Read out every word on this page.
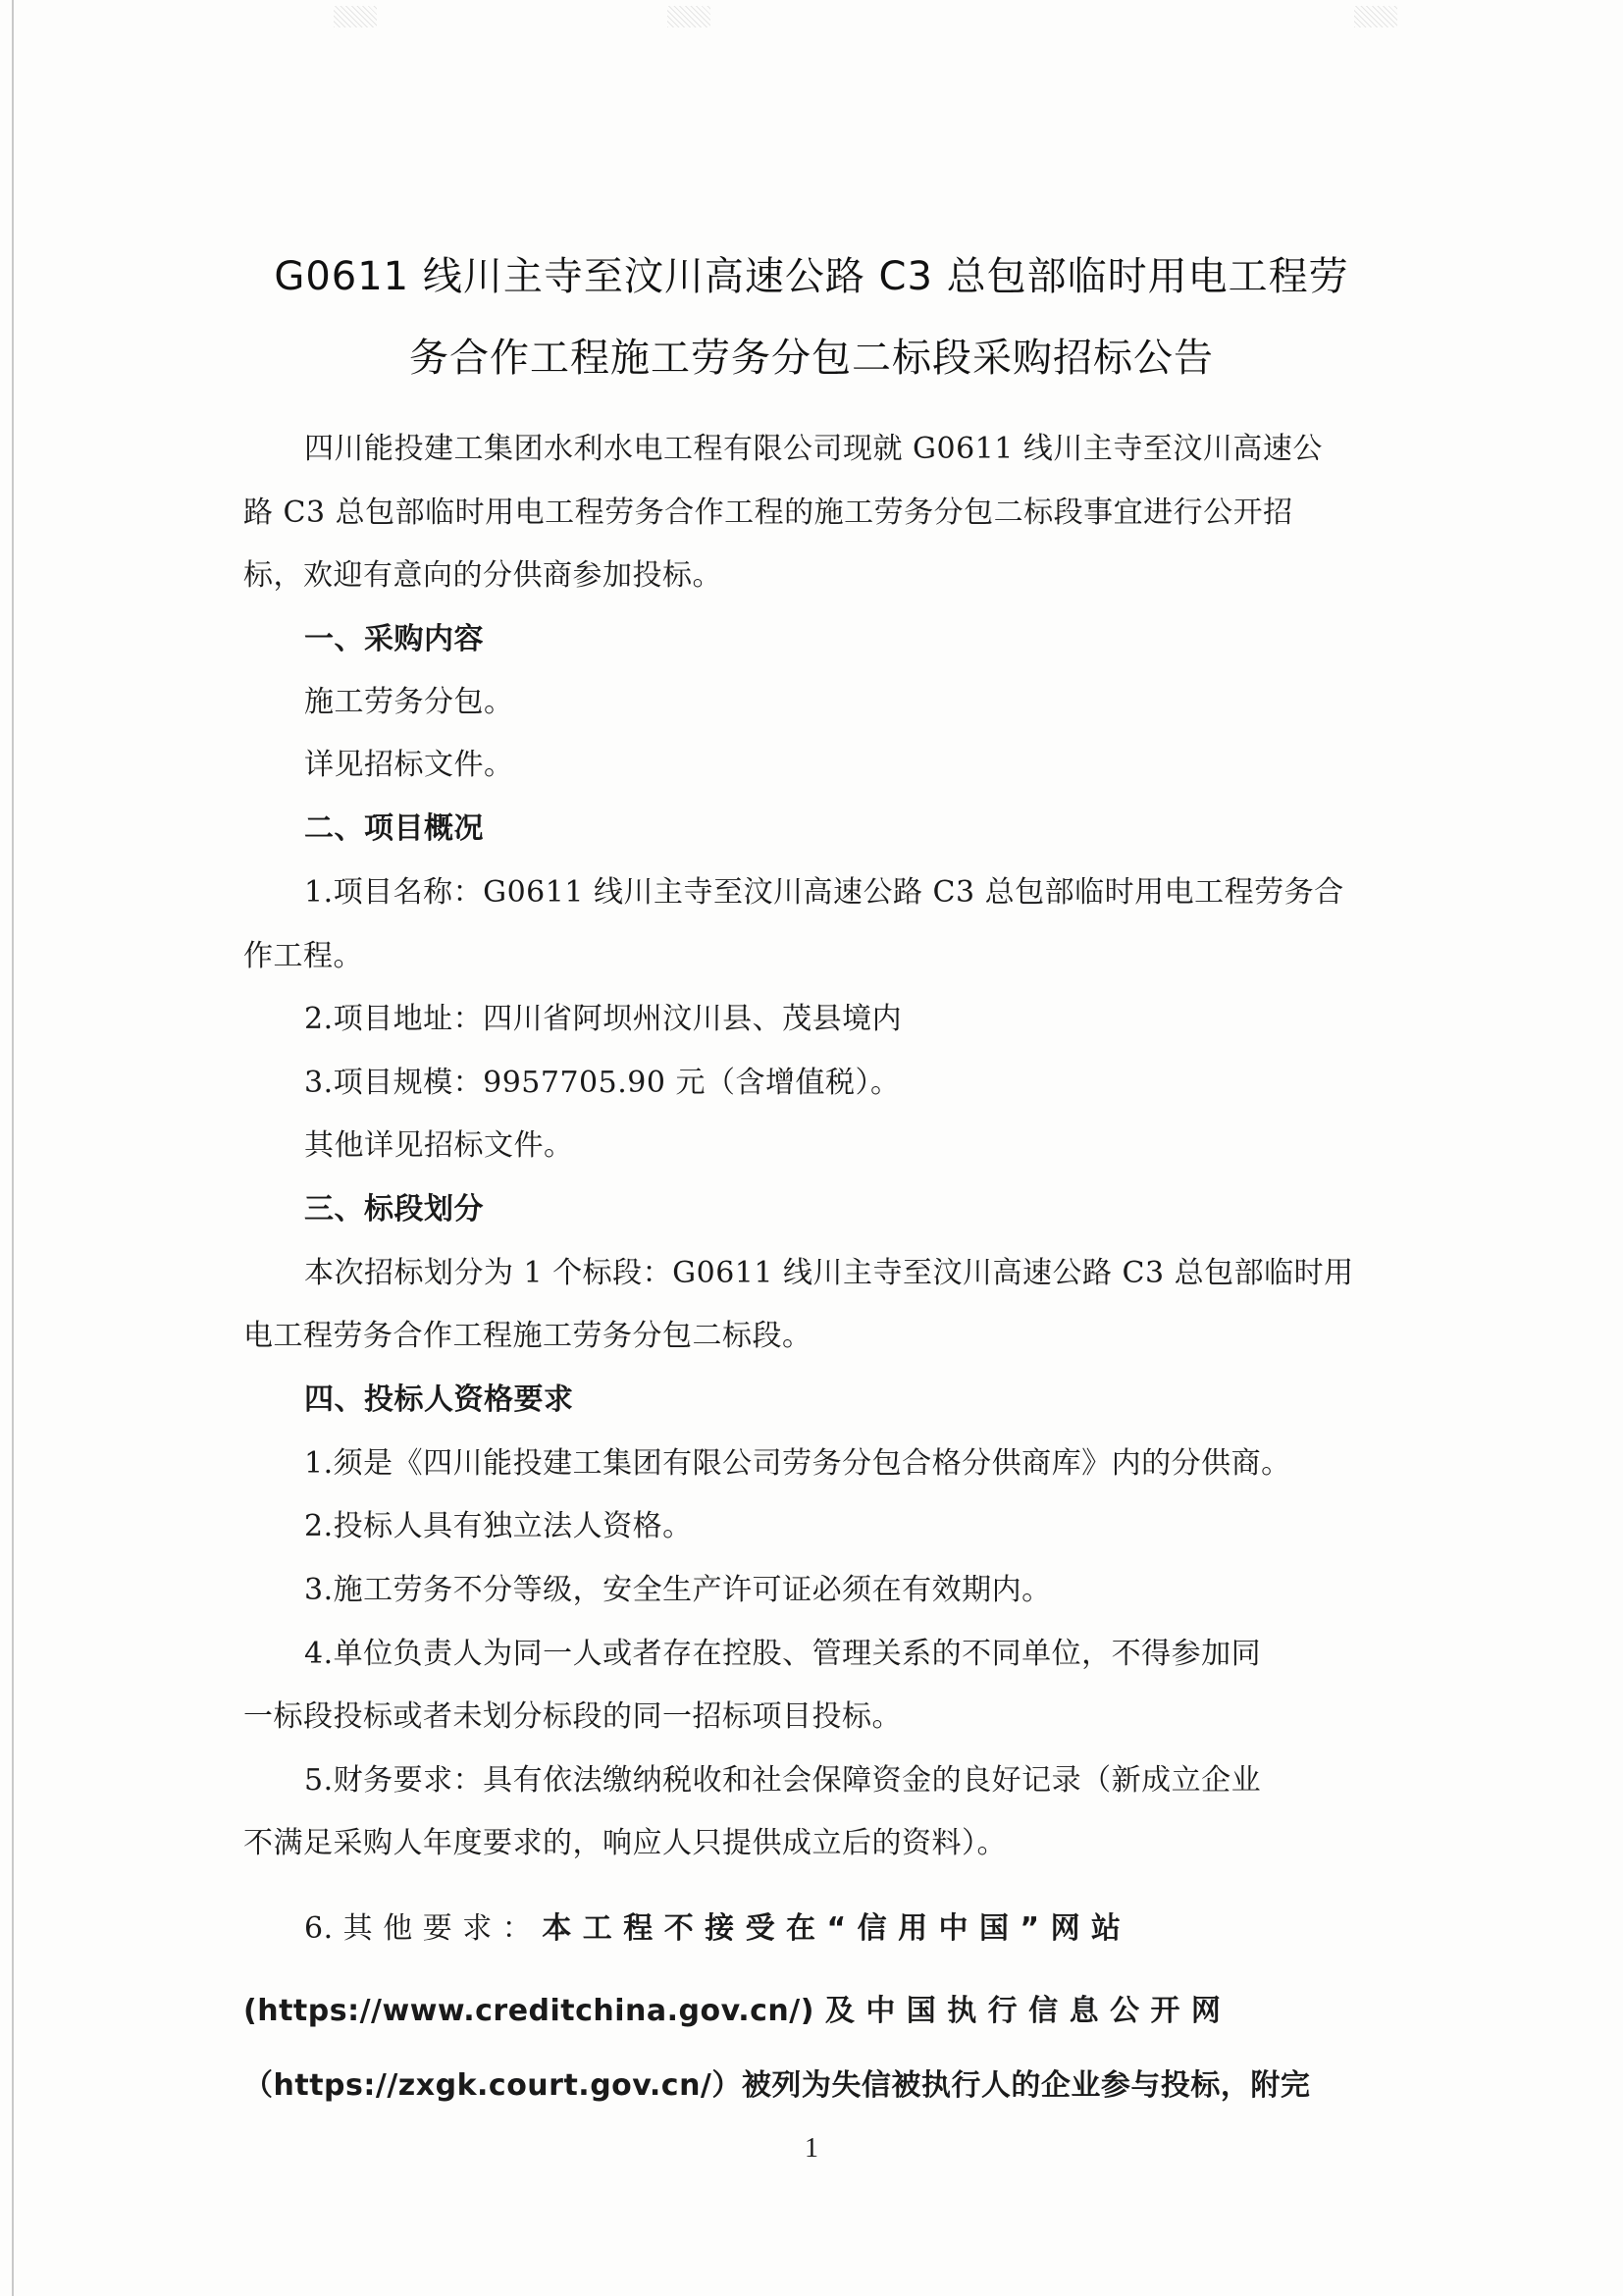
G0611 线川主寺至汶川高速公路 C3 总包部临时用电工程劳
务合作工程施工劳务分包二标段采购招标公告
四川能投建工集团水利水电工程有限公司现就 G0611 线川主寺至汶川高速公
路 C3 总包部临时用电工程劳务合作工程的施工劳务分包二标段事宜进行公开招
标，欢迎有意向的分供商参加投标。
一、采购内容
施工劳务分包。
详见招标文件。
二、项目概况
1.项目名称：G0611 线川主寺至汶川高速公路 C3 总包部临时用电工程劳务合
作工程。
2.项目地址：四川省阿坝州汶川县、茂县境内
3.项目规模：9957705.90 元（含增值税）。
其他详见招标文件。
三、标段划分
本次招标划分为 1 个标段：G0611 线川主寺至汶川高速公路 C3 总包部临时用
电工程劳务合作工程施工劳务分包二标段。
四、投标人资格要求
1.须是《四川能投建工集团有限公司劳务分包合格分供商库》内的分供商。
2.投标人具有独立法人资格。
3.施工劳务不分等级，安全生产许可证必须在有效期内。
4.单位负责人为同一人或者存在控股、管理关系的不同单位，不得参加同
一标段投标或者未划分标段的同一招标项目投标。
5.财务要求：具有依法缴纳税收和社会保障资金的良好记录（新成立企业
不满足采购人年度要求的，响应人只提供成立后的资料）。
6. 其 他 要 求 ： 本 工 程 不 接 受 在 “ 信 用 中 国 ” 网 站
(https://www.creditchina.gov.cn/) 及 中 国 执 行 信 息 公 开 网
（https://zxgk.court.gov.cn/）被列为失信被执行人的企业参与投标，附完
1
